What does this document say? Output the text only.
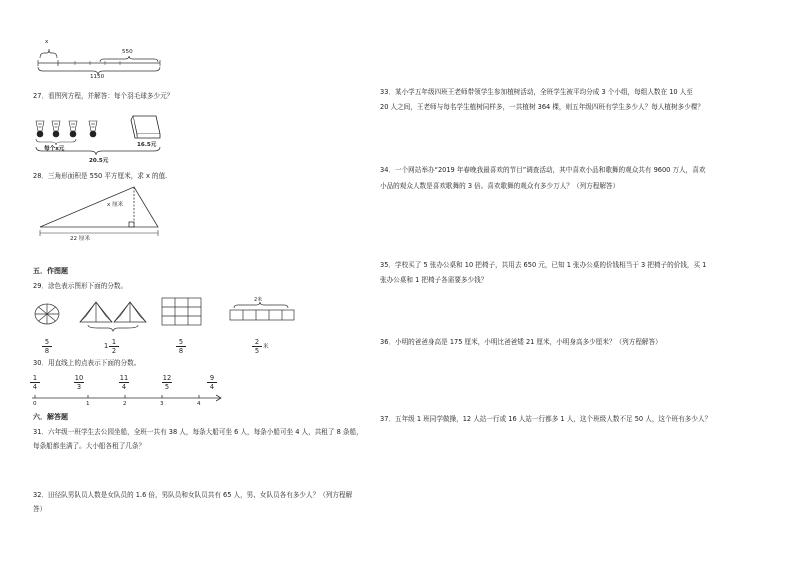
x
550
1150
27．看图列方程，并解答：每个羽毛球多少元？
每个x元
16.5元
20.5元
28．三角形面积是 550 平方厘米，求 x 的值.
x 厘米
22 厘米
五．作图题
29．涂色表示图形下面的分数。
5
8
1 1
2
5
8
2
5 米
2米
30．用直线上的点表示下面的分数。
1
4
10
3
11
4
12
5
9
4
0	1	2	3	4
六．解答题
31．六年级一班学生去公园坐船，全班一共有 38 人，每条大船可坐 6 人，每条小船可坐 4 人，共租了 8 条船，
每条船都坐满了。大小船各租了几条？
32．田径队男队员人数是女队员的 1.6 倍，男队员和女队员共有 65 人，男、女队员各有多少人？（列方程解
答）
33．某小学五年级四班王老师带领学生参加植树活动，全班学生被平均分成 3 个小组，每组人数在 10 人至
20 人之间，王老师与每名学生植树同样多，一共植树 364 棵，则五年级四班有学生多少人？每人植树多少棵？
34．一个网站举办“2019 年春晚我最喜欢的节目”调查活动，其中喜欢小品和歌舞的观众共有 9600 万人，喜欢
小品的观众人数是喜欢歌舞的 3 倍。喜欢歌舞的观众有多少万人？（列方程解答）
35．学校买了 5 张办公桌和 10 把椅子，共用去 650 元，已知 1 张办公桌的价钱相当于 3 把椅子的价钱，买 1
张办公桌和 1 把椅子各需要多少钱？
36．小明的爸爸身高是 175 厘米，小明比爸爸矮 21 厘米，小明身高多少厘米？（列方程解答）
37．五年级 1 班同学做操，12 人站一行或 16 人站一行都多 1 人，这个班级人数不足 50 人，这个班有多少人？
